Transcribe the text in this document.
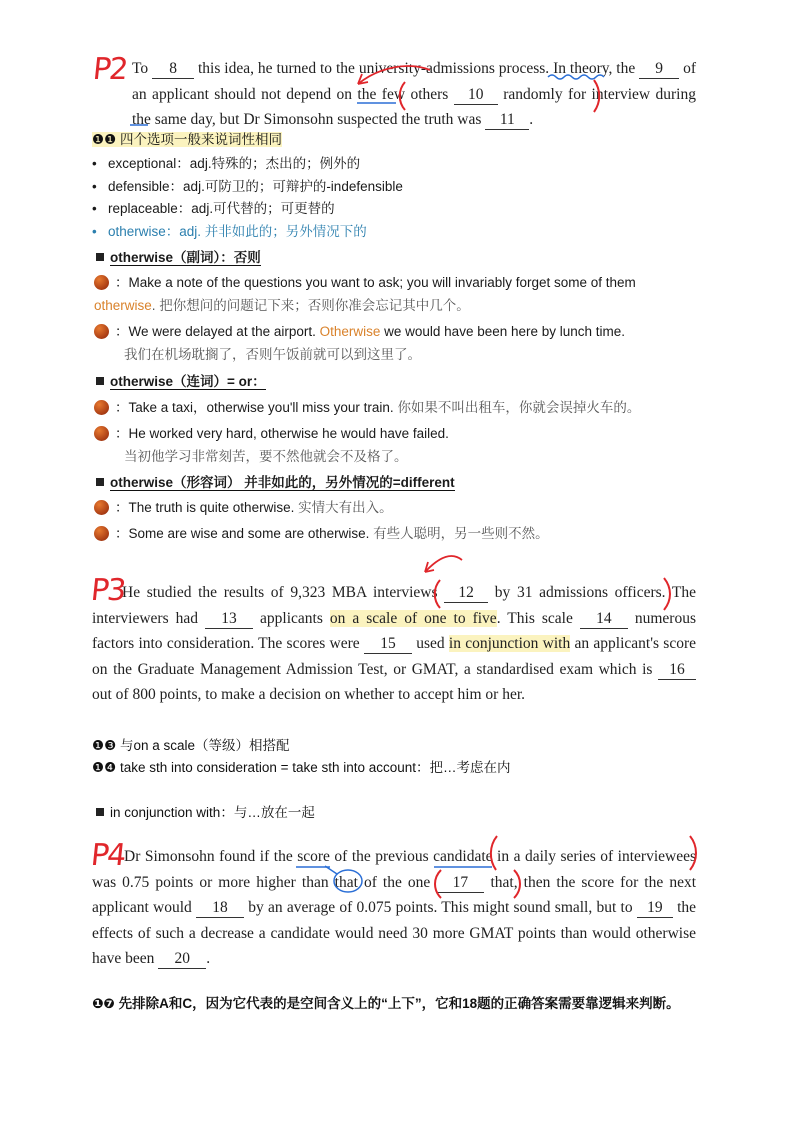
P2 To 8 this idea, he turned to the university-admissions process. In theory, the 9 of an applicant should not depend on the few others 10 randomly for interview during the same day, but Dr Simonsohn suspected the truth was 11 .
❶❶ 四个选项一般来说词性相同
• exceptional：adj.特殊的；杰出的；例外的
• defensible：adj.可防卫的；可辩护的-indefensible
• replaceable：adj.可代替的；可更替的
• otherwise：adj. 并非如此的；另外情况下的
otherwise（副词）：否则
：Make a note of the questions you want to ask; you will invariably forget some of them
otherwise. 把你想问的问题记下来；否则你准会忘记其中几个。
：We were delayed at the airport. Otherwise we would have been here by lunch time.
我们在机场耽搁了，否则午饭前就可以到这里了。
otherwise（连词）= or：
：Take a taxi，otherwise you'll miss your train. 你如果不叫出租车，你就会误掉火车的。
：He worked very hard, otherwise he would have failed.
当初他学习非常刻苦，要不然他就会不及格了。
otherwise（形容词） 并非如此的，另外情况的=different
：The truth is quite otherwise. 实情大有出入。
：Some are wise and some are otherwise. 有些人聪明，另一些则不然。
P3
He studied the results of 9,323 MBA interviews 12 by 31 admissions officers. The interviewers had 13 applicants on a scale of one to five. This scale 14 numerous factors into consideration. The scores were 15 used in conjunction with an applicant's score on the Graduate Management Admission Test, or GMAT, a standardised exam which is 16 out of 800 points, to make a decision on whether to accept him or her.
❶❸ 与on a scale（等级）相搭配
❶❹ take sth into consideration = take sth into account：把…考虑在内
in conjunction with：与…放在一起
P4
Dr Simonsohn found if the score of the previous candidate in a daily series of interviewees was 0.75 points or more higher than that of the one 17 that, then the score for the next applicant would 18 by an average of 0.075 points. This might sound small, but to 19 the effects of such a decrease a candidate would need 30 more GMAT points than would otherwise have been 20 .
❶❼ 先排除A和C，因为它代表的是空间含义上的“上下”，它和18题的正确答案需要靠逻辑来判断。
